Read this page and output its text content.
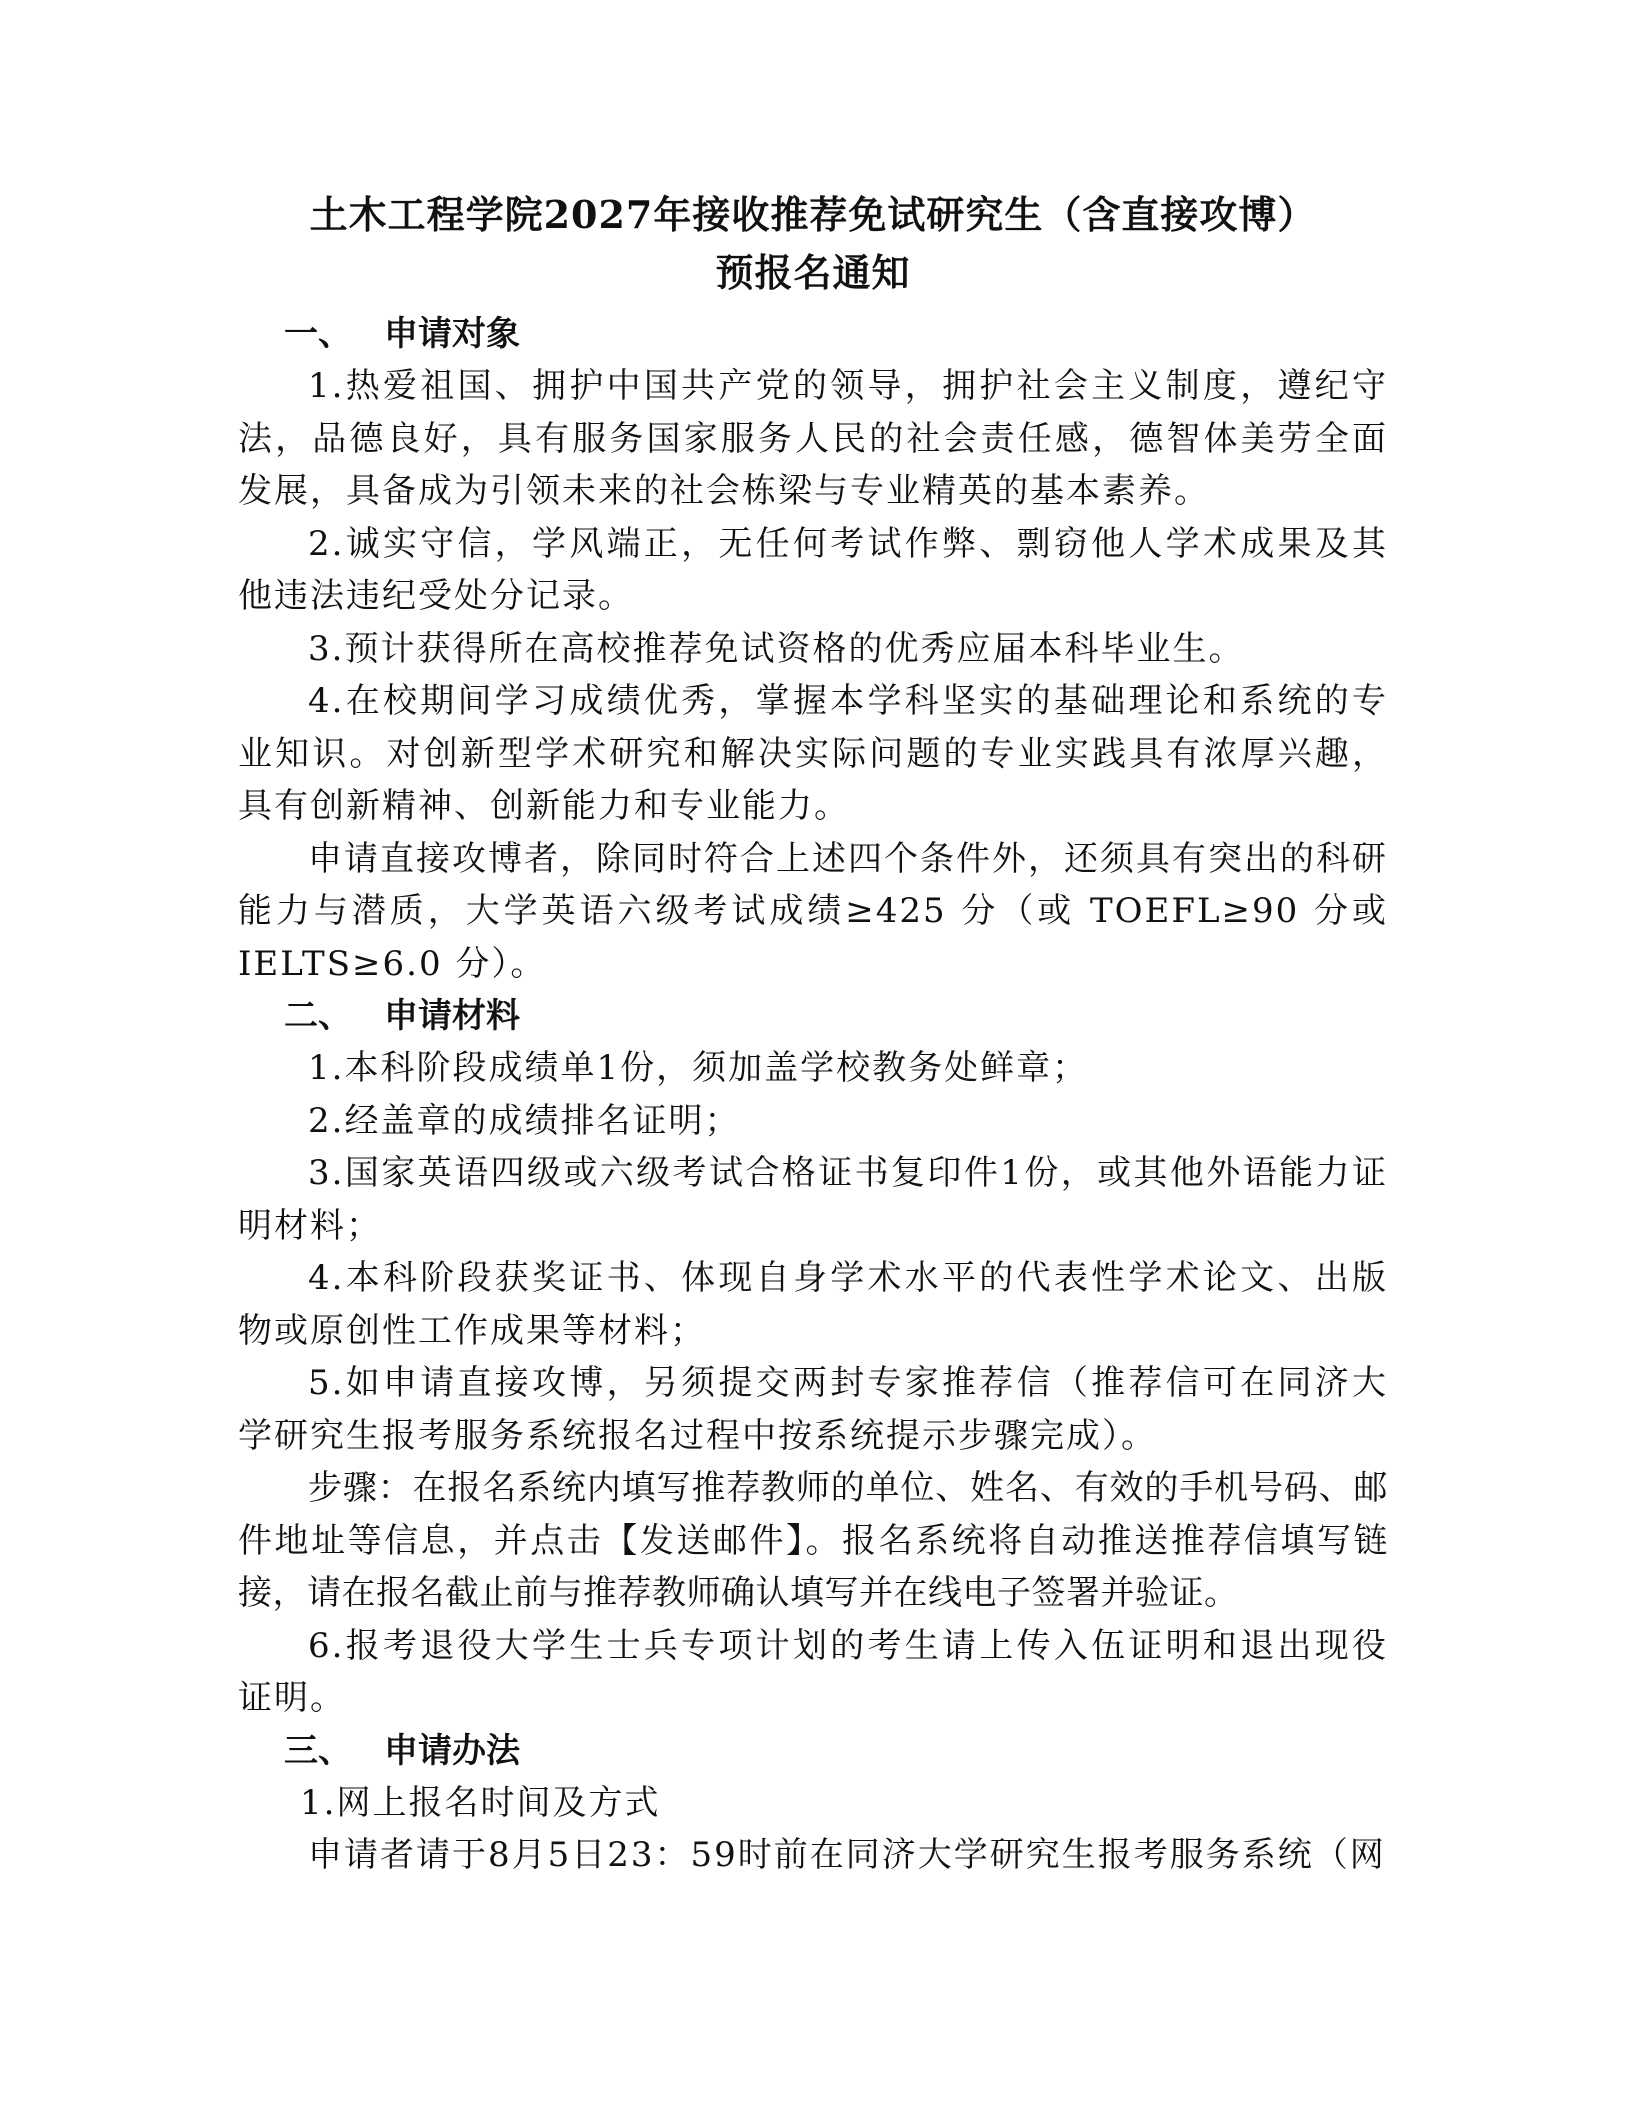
土木工程学院2027年接收推荐免试研究生（含直接攻博）
预报名通知
一、 申请对象

1.热爱祖国、拥护中国共产党的领导，拥护社会主义制度，遵纪守法，品德良好，具有服务国家服务人民的社会责任感，德智体美劳全面发展，具备成为引领未来的社会栋梁与专业精英的基本素养。

2.诚实守信，学风端正，无任何考试作弊、剽窃他人学术成果及其他违法违纪受处分记录。

3.预计获得所在高校推荐免试资格的优秀应届本科毕业生。

4.在校期间学习成绩优秀，掌握本学科坚实的基础理论和系统的专业知识。对创新型学术研究和解决实际问题的专业实践具有浓厚兴趣，具有创新精神、创新能力和专业能力。

申请直接攻博者，除同时符合上述四个条件外，还须具有突出的科研能力与潜质，大学英语六级考试成绩≥425 分（或 TOEFL≥90 分或IELTS≥6.0 分）。

二、 申请材料

1.本科阶段成绩单1份，须加盖学校教务处鲜章；

2.经盖章的成绩排名证明；

3.国家英语四级或六级考试合格证书复印件1份，或其他外语能力证明材料；

4.本科阶段获奖证书、体现自身学术水平的代表性学术论文、出版物或原创性工作成果等材料；

5.如申请直接攻博，另须提交两封专家推荐信（推荐信可在同济大学研究生报考服务系统报名过程中按系统提示步骤完成）。

步骤：在报名系统内填写推荐教师的单位、姓名、有效的手机号码、邮件地址等信息，并点击【发送邮件】。报名系统将自动推送推荐信填写链接，请在报名截止前与推荐教师确认填写并在线电子签署并验证。

6.报考退役大学生士兵专项计划的考生请上传入伍证明和退出现役证明。

三、 申请办法

1.网上报名时间及方式

申请者请于8月5日23：59时前在同济大学研究生报考服务系统（网
